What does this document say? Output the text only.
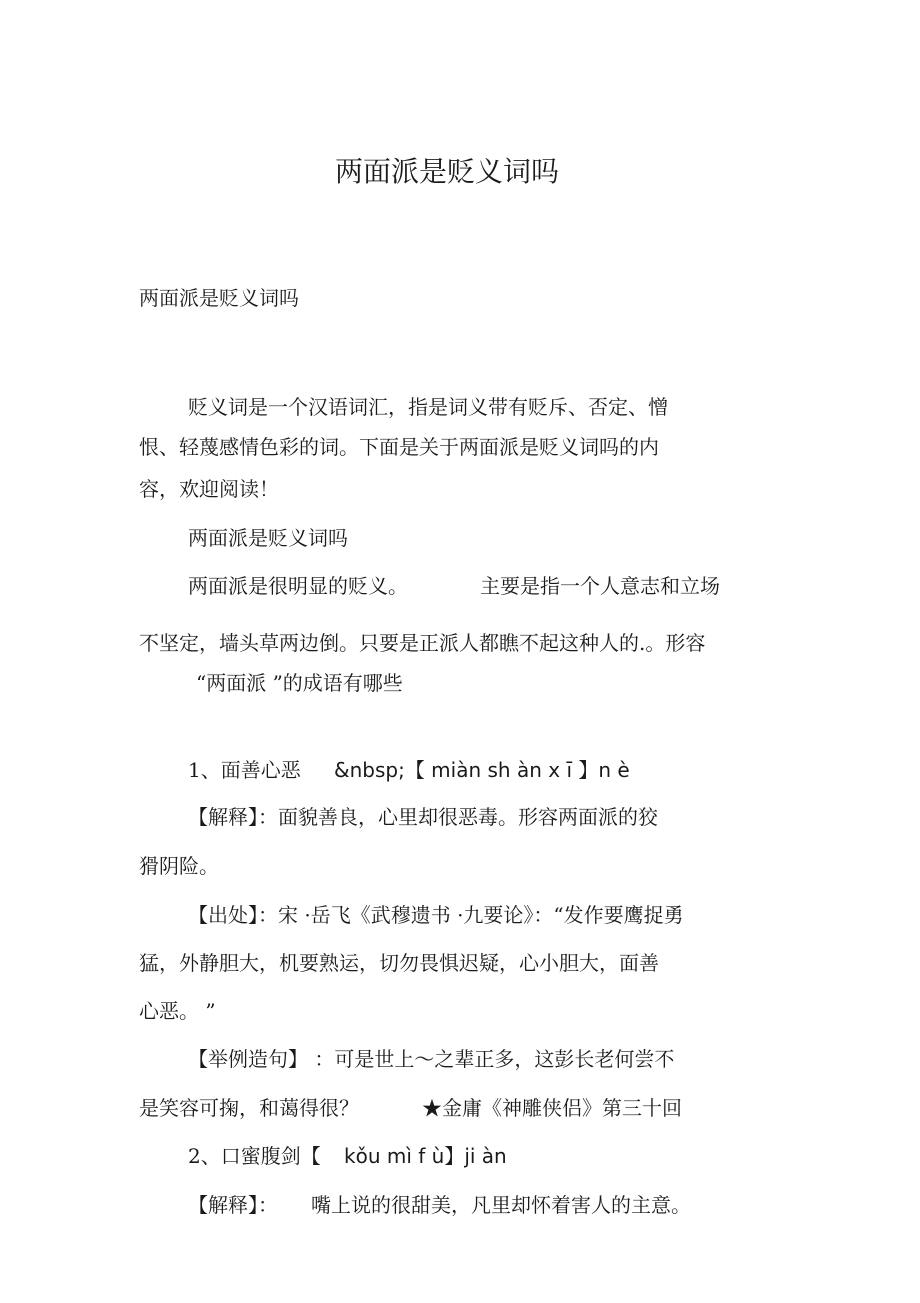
两面派是贬义词吗
两面派是贬义词吗
贬义词是一个汉语词汇，指是词义带有贬斥、否定、憎
恨、轻蔑感情色彩的词。下面是关于两面派是贬义词吗的内
容，欢迎阅读！
两面派是贬义词吗
两面派是很明显的贬义。	主要是指一个人意志和立场
不坚定，墙头草两边倒。只要是正派人都瞧不起这种人的.。形容
“两面派 ”的成语有哪些
1、面善心恶 &nbsp;【 miàn sh àn x ī 】n è
【解释】：面貌善良，心里却很恶毒。形容两面派的狡
猾阴险。
【出处】：宋 ·岳飞《武穆遗书 ·九要论》：“发作要鹰捉勇
猛，外静胆大，机要熟运，切勿畏惧迟疑，心小胆大，面善
心恶。 ”
【举例造句】 ：可是世上～之辈正多，这彭长老何尝不
是笑容可掬，和蔼得很？	★金庸《神雕侠侣》第三十回
2、口蜜腹剑【 kǒu mì f ù】ji àn
【解释】： 嘴上说的很甜美，凡里却怀着害人的主意。
